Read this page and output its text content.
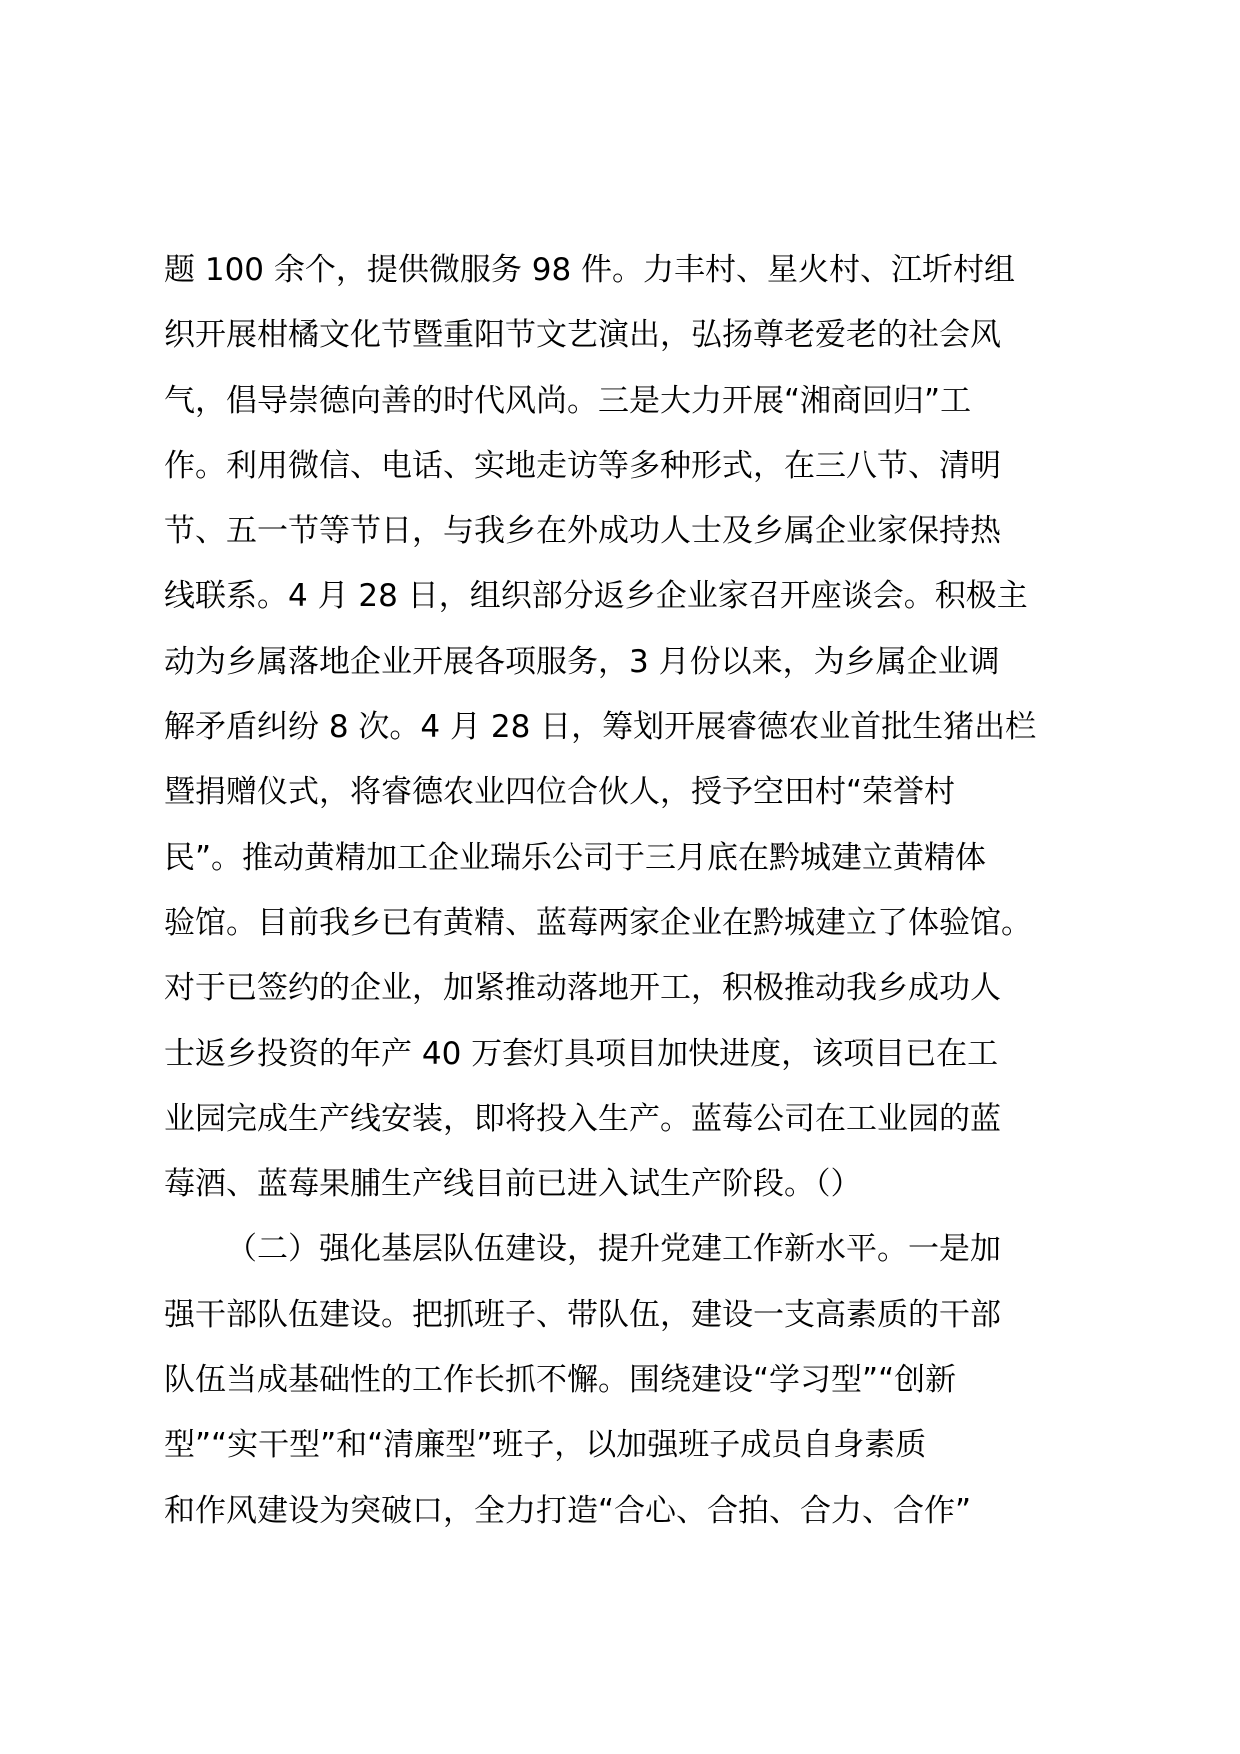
题 100 余个，提供微服务 98 件。力丰村、星火村、江圻村组
织开展柑橘文化节暨重阳节文艺演出，弘扬尊老爱老的社会风
气，倡导崇德向善的时代风尚。三是大力开展“湘商回归”工
作。利用微信、电话、实地走访等多种形式，在三八节、清明
节、五一节等节日，与我乡在外成功人士及乡属企业家保持热
线联系。4 月 28 日，组织部分返乡企业家召开座谈会。积极主
动为乡属落地企业开展各项服务，3 月份以来，为乡属企业调
解矛盾纠纷 8 次。4 月 28 日，筹划开展睿德农业首批生猪出栏
暨捐赠仪式，将睿德农业四位合伙人，授予空田村“荣誉村
民”。推动黄精加工企业瑞乐公司于三月底在黔城建立黄精体
验馆。目前我乡已有黄精、蓝莓两家企业在黔城建立了体验馆。
对于已签约的企业，加紧推动落地开工，积极推动我乡成功人
士返乡投资的年产 40 万套灯具项目加快进度，该项目已在工
业园完成生产线安装，即将投入生产。蓝莓公司在工业园的蓝
莓酒、蓝莓果脯生产线目前已进入试生产阶段。（）
（二）强化基层队伍建设，提升党建工作新水平。一是加
强干部队伍建设。把抓班子、带队伍，建设一支高素质的干部
队伍当成基础性的工作长抓不懈。围绕建设“学习型”“创新
型”“实干型”和“清廉型”班子，以加强班子成员自身素质
和作风建设为突破口，全力打造“合心、合拍、合力、合作”
